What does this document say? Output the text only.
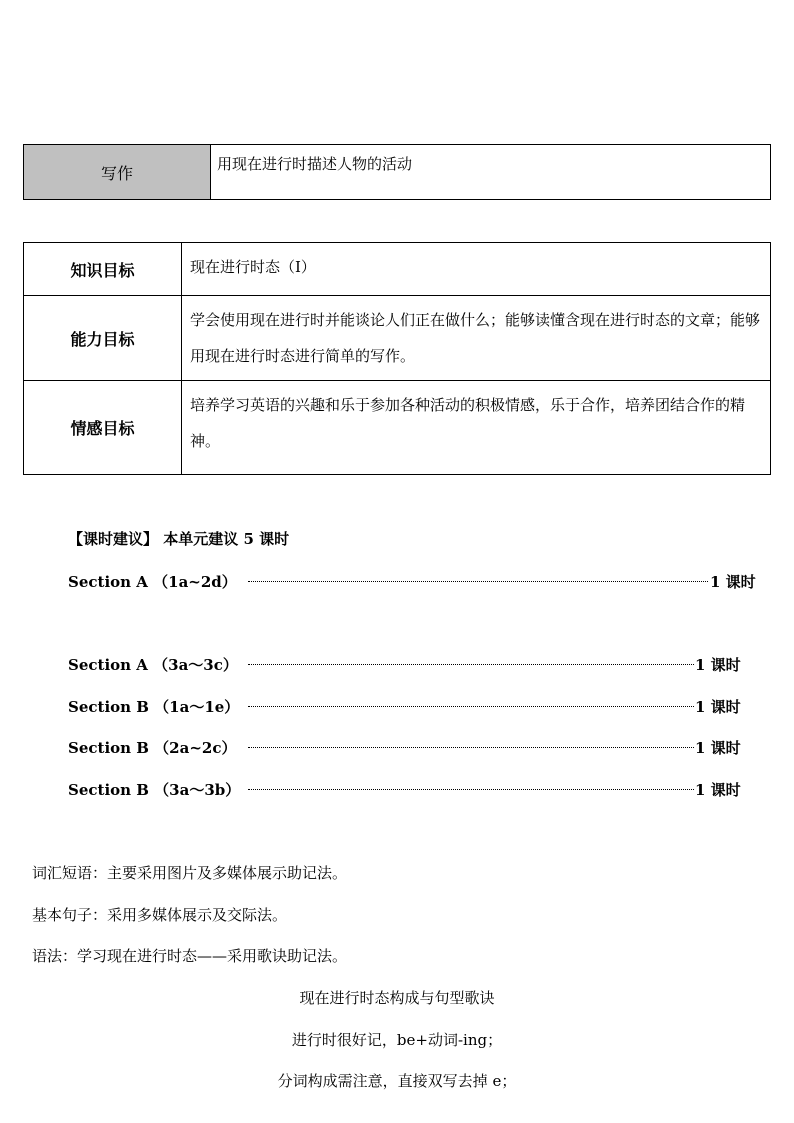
写作	用现在进行时描述人物的活动
知识目标	现在进行时态（I）
能力目标	学会使用现在进行时并能谈论人们正在做什么；能够读懂含现在进行时态的文章；能够用现在进行时态进行简单的写作。
情感目标	培养学习英语的兴趣和乐于参加各种活动的积极情感，乐于合作，培养团结合作的精神。
【课时建议】 本单元建议 5 课时
Section A （1a~2d）	1 课时
Section A （3a～3c）	1 课时
Section B （1a～1e）	1 课时
Section B （2a~2c）	1 课时
Section B （3a～3b）	1 课时
词汇短语：主要采用图片及多媒体展示助记法。
基本句子：采用多媒体展示及交际法。
语法：学习现在进行时态——采用歌诀助记法。
现在进行时态构成与句型歌诀
进行时很好记，be+动词-ing；
分词构成需注意，直接双写去掉 e；
